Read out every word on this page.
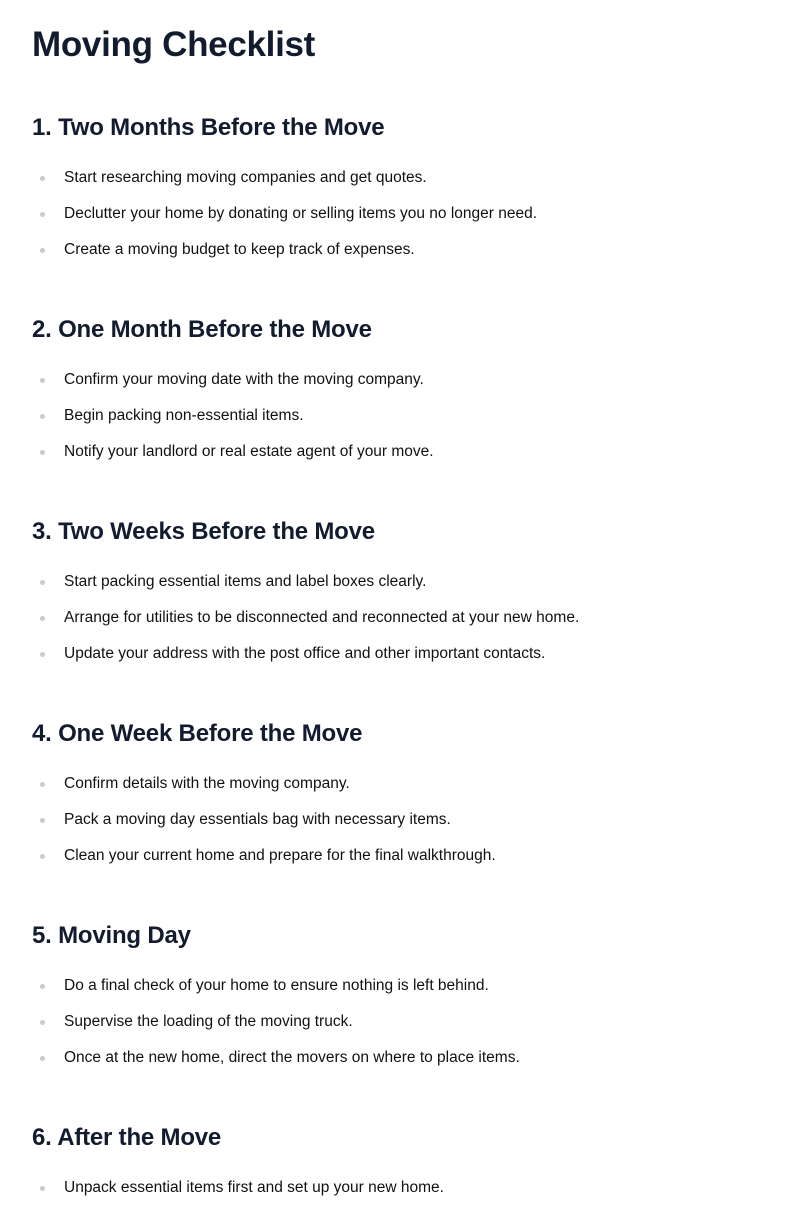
Moving Checklist
1. Two Months Before the Move
Start researching moving companies and get quotes.
Declutter your home by donating or selling items you no longer need.
Create a moving budget to keep track of expenses.
2. One Month Before the Move
Confirm your moving date with the moving company.
Begin packing non-essential items.
Notify your landlord or real estate agent of your move.
3. Two Weeks Before the Move
Start packing essential items and label boxes clearly.
Arrange for utilities to be disconnected and reconnected at your new home.
Update your address with the post office and other important contacts.
4. One Week Before the Move
Confirm details with the moving company.
Pack a moving day essentials bag with necessary items.
Clean your current home and prepare for the final walkthrough.
5. Moving Day
Do a final check of your home to ensure nothing is left behind.
Supervise the loading of the moving truck.
Once at the new home, direct the movers on where to place items.
6. After the Move
Unpack essential items first and set up your new home.
